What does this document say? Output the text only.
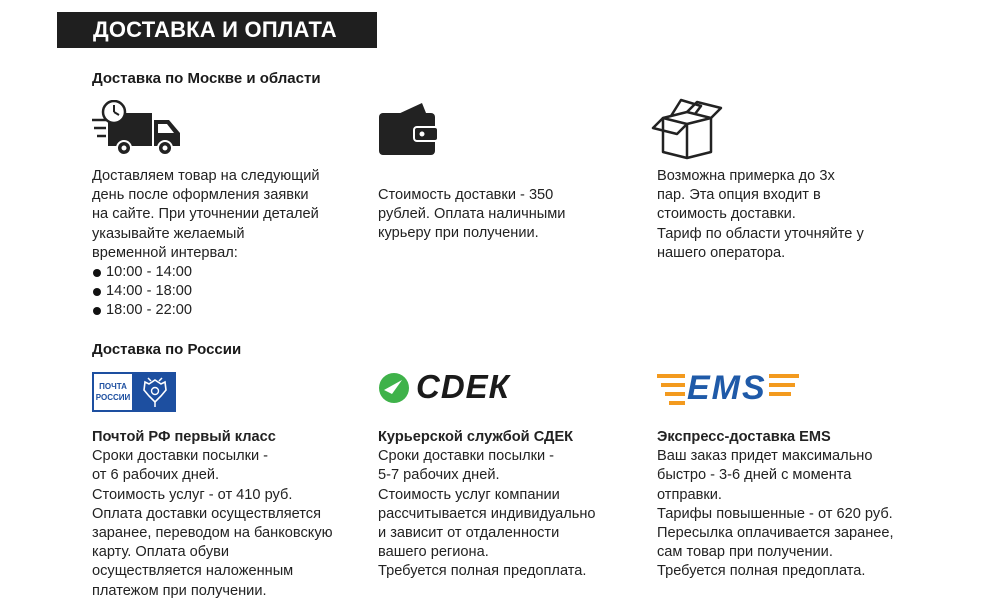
ДОСТАВКА И ОПЛАТА
Доставка по Москве и области

Доставляем товар на следующий

день после оформления заявки

на сайте. При уточнении деталей

указывайте желаемый

временной интервал:

10:00 - 14:00
14:00 - 18:00
18:00 - 22:00

Стоимость доставки - 350

рублей. Оплата наличными

курьеру при получении.

Возможна примерка до 3х

пар. Эта опция входит в

стоимость доставки.

Тариф по области уточняйте у

нашего оператора.

Доставка по России
ПОЧТА
РОССИИ	СDЕК	EMS

Почтой РФ первый класс

Сроки доставки посылки -

от 6 рабочих дней.

Стоимость услуг - от 410 руб.

Оплата доставки осуществляется

заранее, переводом на банковскую

карту. Оплата обуви

осуществляется наложенным

платежом при получении.

Курьерской службой СДЕК

Сроки доставки посылки -

5-7 рабочих дней.

Стоимость услуг компании

рассчитывается индивидуально

и зависит от отдаленности

вашего региона.

Требуется полная предоплата.

Экспресс-доставка EMS

Ваш заказ придет максимально

быстро - 3-6 дней с момента

отправки.

Тарифы повышенные - от 620 руб.

Пересылка оплачивается заранее,

сам товар при получении.

Требуется полная предоплата.
